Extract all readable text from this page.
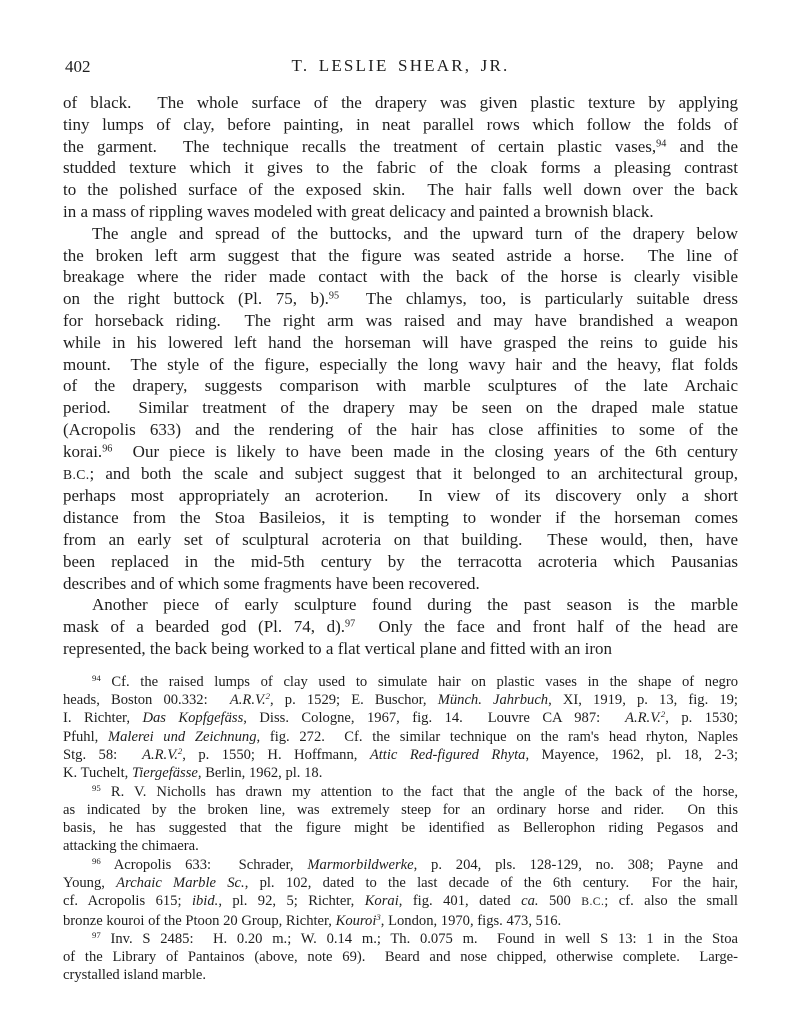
402	T. LESLIE SHEAR, JR.
of black.  The whole surface of the drapery was given plastic texture by applying
tiny lumps of clay, before painting, in neat parallel rows which follow the folds of
the garment.  The technique recalls the treatment of certain plastic vases,$^{94}$ and the
studded texture which it gives to the fabric of the cloak forms a pleasing contrast
to the polished surface of the exposed skin.  The hair falls well down over the back
in a mass of rippling waves modeled with great delicacy and painted a brownish black.
The angle and spread of the buttocks, and the upward turn of the drapery below
the broken left arm suggest that the figure was seated astride a horse.  The line of
breakage where the rider made contact with the back of the horse is clearly visible
on the right buttock (Pl. 75, b).$^{95}$  The chlamys, too, is particularly suitable dress
for horseback riding.  The right arm was raised and may have brandished a weapon
while in his lowered left hand the horseman will have grasped the reins to guide his
mount.  The style of the figure, especially the long wavy hair and the heavy, flat folds
of the drapery, suggests comparison with marble sculptures of the late Archaic
period.  Similar treatment of the drapery may be seen on the draped male statue
(Acropolis 633) and the rendering of the hair has close affinities to some of the
korai.$^{96}$  Our piece is likely to have been made in the closing years of the 6th century
B.C.; and both the scale and subject suggest that it belonged to an architectural group,
perhaps most appropriately an acroterion.  In view of its discovery only a short
distance from the Stoa Basileios, it is tempting to wonder if the horseman comes
from an early set of sculptural acroteria on that building.  These would, then, have
been replaced in the mid-5th century by the terracotta acroteria which Pausanias
describes and of which some fragments have been recovered.
Another piece of early sculpture found during the past season is the marble
mask of a bearded god (Pl. 74, d).$^{97}$  Only the face and front half of the head are
represented, the back being worked to a flat vertical plane and fitted with an iron
$^{94}$ Cf. the raised lumps of clay used to simulate hair on plastic vases in the shape of negro
heads, Boston 00.332:  A.R.V.$^2$, p. 1529; E. Buschor, Münch. Jahrbuch, XI, 1919, p. 13, fig. 19;
I. Richter, Das Kopfgefäss, Diss. Cologne, 1967, fig. 14.  Louvre CA 987:  A.R.V.$^2$, p. 1530;
Pfuhl, Malerei und Zeichnung, fig. 272.  Cf. the similar technique on the ram's head rhyton, Naples
Stg. 58:  A.R.V.$^2$, p. 1550; H. Hoffmann, Attic Red-figured Rhyta, Mayence, 1962, pl. 18, 2-3;
K. Tuchelt, Tiergefässe, Berlin, 1962, pl. 18.
$^{95}$ R. V. Nicholls has drawn my attention to the fact that the angle of the back of the horse,
as indicated by the broken line, was extremely steep for an ordinary horse and rider.  On this
basis, he has suggested that the figure might be identified as Bellerophon riding Pegasos and
attacking the chimaera.
$^{96}$ Acropolis 633:  Schrader, Marmorbildwerke, p. 204, pls. 128-129, no. 308; Payne and
Young, Archaic Marble Sc., pl. 102, dated to the last decade of the 6th century.  For the hair,
cf. Acropolis 615; ibid., pl. 92, 5; Richter, Korai, fig. 401, dated ca. 500 B.C.; cf. also the small
bronze kouroi of the Ptoon 20 Group, Richter, Kouroi$^3$, London, 1970, figs. 473, 516.
$^{97}$ Inv. S 2485:  H. 0.20 m.; W. 0.14 m.; Th. 0.075 m.  Found in well S 13: 1 in the Stoa
of the Library of Pantainos (above, note 69).  Beard and nose chipped, otherwise complete.  Large-
crystalled island marble.
